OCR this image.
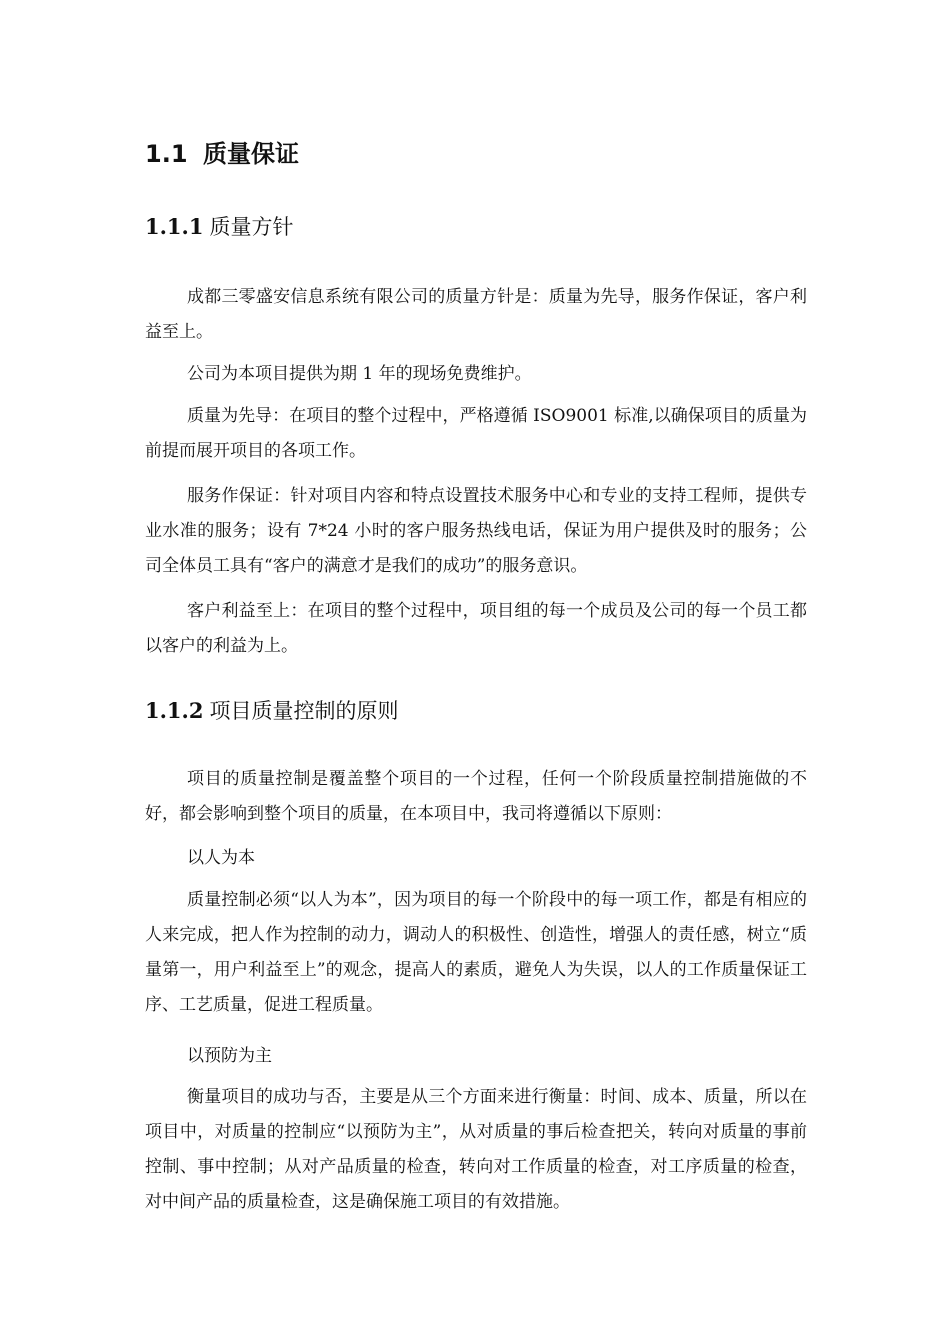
1.1 质量保证
1.1.1 质量方针

成都三零盛安信息系统有限公司的质量方针是：质量为先导，服务作保证，客户利益至上。

公司为本项目提供为期 1 年的现场免费维护。

质量为先导：在项目的整个过程中，严格遵循 ISO9001 标准,以确保项目的质量为前提而展开项目的各项工作。

服务作保证：针对项目内容和特点设置技术服务中心和专业的支持工程师，提供专业水准的服务；设有 7*24 小时的客户服务热线电话，保证为用户提供及时的服务；公司全体员工具有“客户的满意才是我们的成功”的服务意识。

客户利益至上：在项目的整个过程中，项目组的每一个成员及公司的每一个员工都以客户的利益为上。

1.1.2 项目质量控制的原则

项目的质量控制是覆盖整个项目的一个过程，任何一个阶段质量控制措施做的不好，都会影响到整个项目的质量，在本项目中，我司将遵循以下原则：

以人为本

质量控制必须“以人为本”，因为项目的每一个阶段中的每一项工作，都是有相应的人来完成，把人作为控制的动力，调动人的积极性、创造性，增强人的责任感，树立“质量第一，用户利益至上”的观念，提高人的素质，避免人为失误，以人的工作质量保证工序、工艺质量，促进工程质量。

以预防为主

衡量项目的成功与否，主要是从三个方面来进行衡量：时间、成本、质量，所以在项目中，对质量的控制应“以预防为主”，从对质量的事后检查把关，转向对质量的事前控制、事中控制；从对产品质量的检查，转向对工作质量的检查，对工序质量的检查，对中间产品的质量检查，这是确保施工项目的有效措施。
